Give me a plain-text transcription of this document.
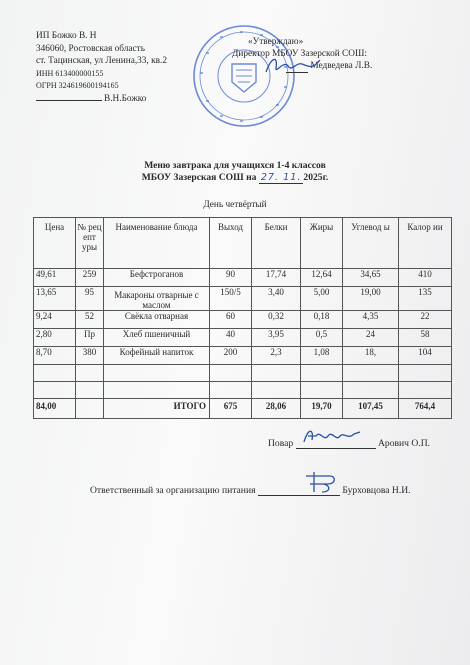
ИП Божко В. Н
346060, Ростовская область
ст. Тацинская, ул Ленина,33, кв.2
ИНН 613400000155
ОГРН 324619600194165
В.Н.Божко
«Утверждаю»
Директор МБОУ Зазерской СОШ:
Медведева Л.В.
Меню завтрака для учащихся 1-4 классов
МБОУ Зазерская СОШ на 27. 11. 2025г.
День четвёртый
Цена	№ рец епт уры	Наименование блюда	Выход	Белки	Жиры	Углевод ы	Калор ии
49,61	259	Бефстроганов	90	17,74	12,64	34,65	410
13,65	95	Макароны отварные с маслом	150/5	3,40	5,00	19,00	135
9,24	52	Свёкла отварная	60	0,32	0,18	4,35	22
2,80	Пр	Хлеб пшеничный	40	3,95	0,5	24	58
8,70	380	Кофейный напиток	200	2,3	1,08	18,	104

84,00		ИТОГО	675	28,06	19,70	107,45	764,4
Повар	Арович О.П.
Ответственный за организацию питания	Бурховцова Н.И.
